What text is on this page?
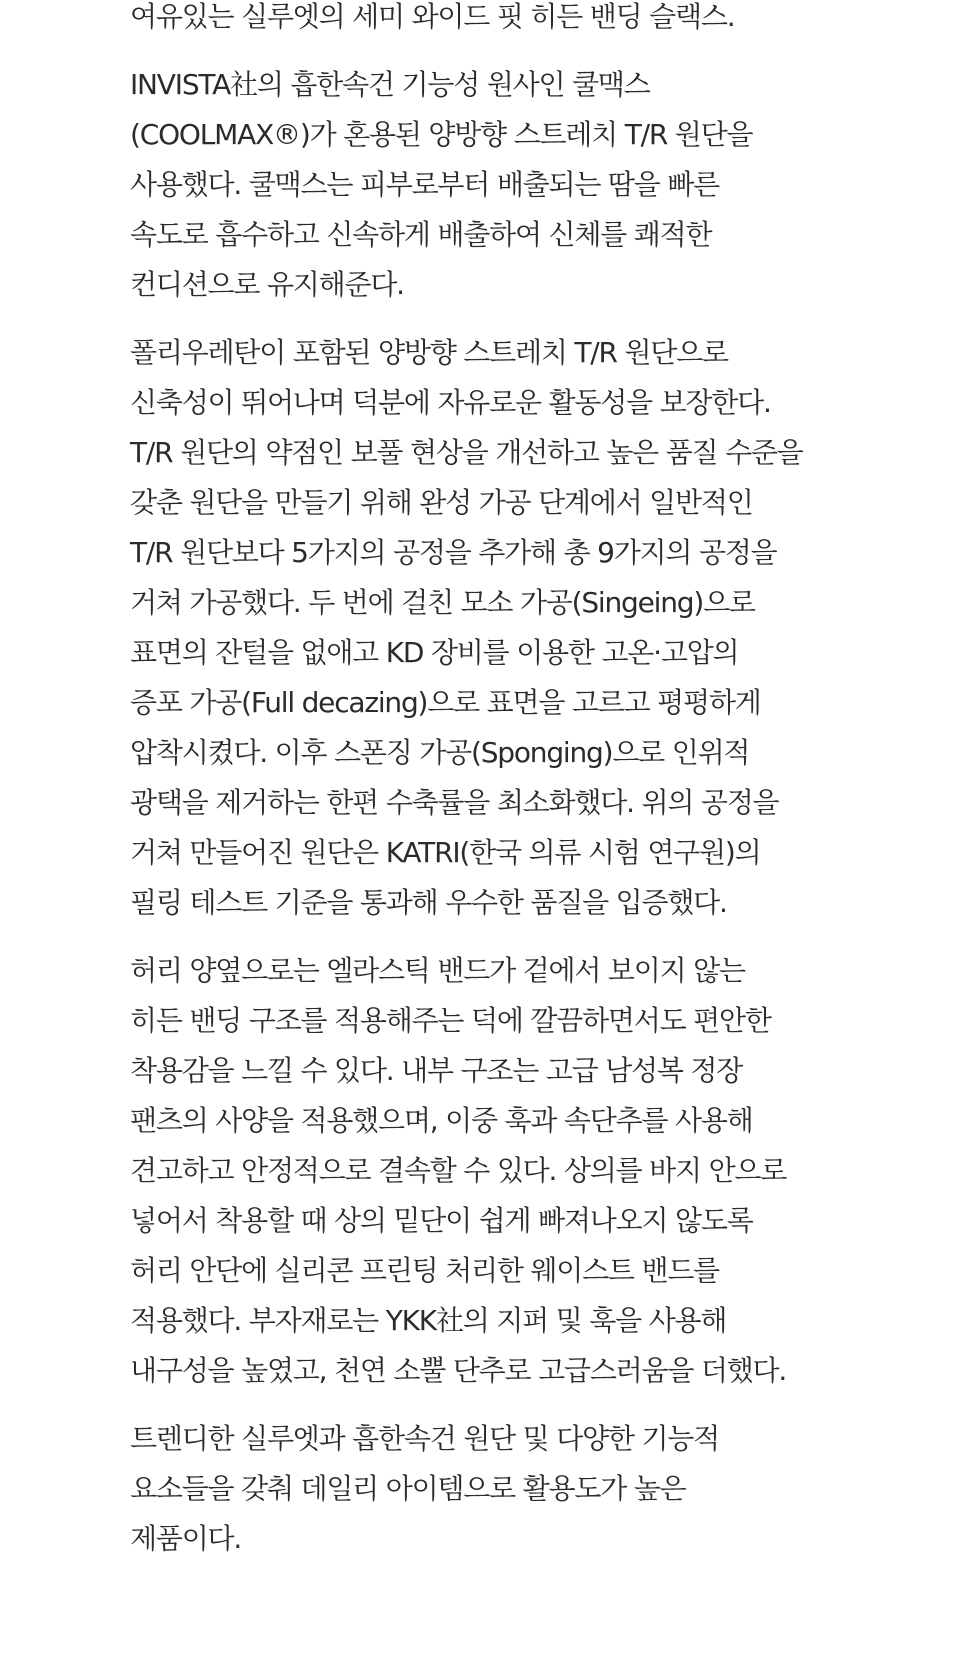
여유있는 실루엣의 세미 와이드 핏 히든 밴딩 슬랙스.

INVISTA社의 흡한속건 기능성 원사인 쿨맥스
(COOLMAX®)가 혼용된 양방향 스트레치 T/R 원단을
사용했다. 쿨맥스는 피부로부터 배출되는 땀을 빠른
속도로 흡수하고 신속하게 배출하여 신체를 쾌적한
컨디션으로 유지해준다.

폴리우레탄이 포함된 양방향 스트레치 T/R 원단으로
신축성이 뛰어나며 덕분에 자유로운 활동성을 보장한다.
T/R 원단의 약점인 보풀 현상을 개선하고 높은 품질 수준을
갖춘 원단을 만들기 위해 완성 가공 단계에서 일반적인
T/R 원단보다 5가지의 공정을 추가해 총 9가지의 공정을
거쳐 가공했다. 두 번에 걸친 모소 가공(Singeing)으로
표면의 잔털을 없애고 KD 장비를 이용한 고온·고압의
증포 가공(Full decazing)으로 표면을 고르고 평평하게
압착시켰다. 이후 스폰징 가공(Sponging)으로 인위적
광택을 제거하는 한편 수축률을 최소화했다. 위의 공정을
거쳐 만들어진 원단은 KATRI(한국 의류 시험 연구원)의
필링 테스트 기준을 통과해 우수한 품질을 입증했다.

허리 양옆으로는 엘라스틱 밴드가 겉에서 보이지 않는
히든 밴딩 구조를 적용해주는 덕에 깔끔하면서도 편안한
착용감을 느낄 수 있다. 내부 구조는 고급 남성복 정장
팬츠의 사양을 적용했으며, 이중 훅과 속단추를 사용해
견고하고 안정적으로 결속할 수 있다. 상의를 바지 안으로
넣어서 착용할 때 상의 밑단이 쉽게 빠져나오지 않도록
허리 안단에 실리콘 프린팅 처리한 웨이스트 밴드를
적용했다. 부자재로는 YKK社의 지퍼 및 훅을 사용해
내구성을 높였고, 천연 소뿔 단추로 고급스러움을 더했다.

트렌디한 실루엣과 흡한속건 원단 및 다양한 기능적
요소들을 갖춰 데일리 아이템으로 활용도가 높은
제품이다.
